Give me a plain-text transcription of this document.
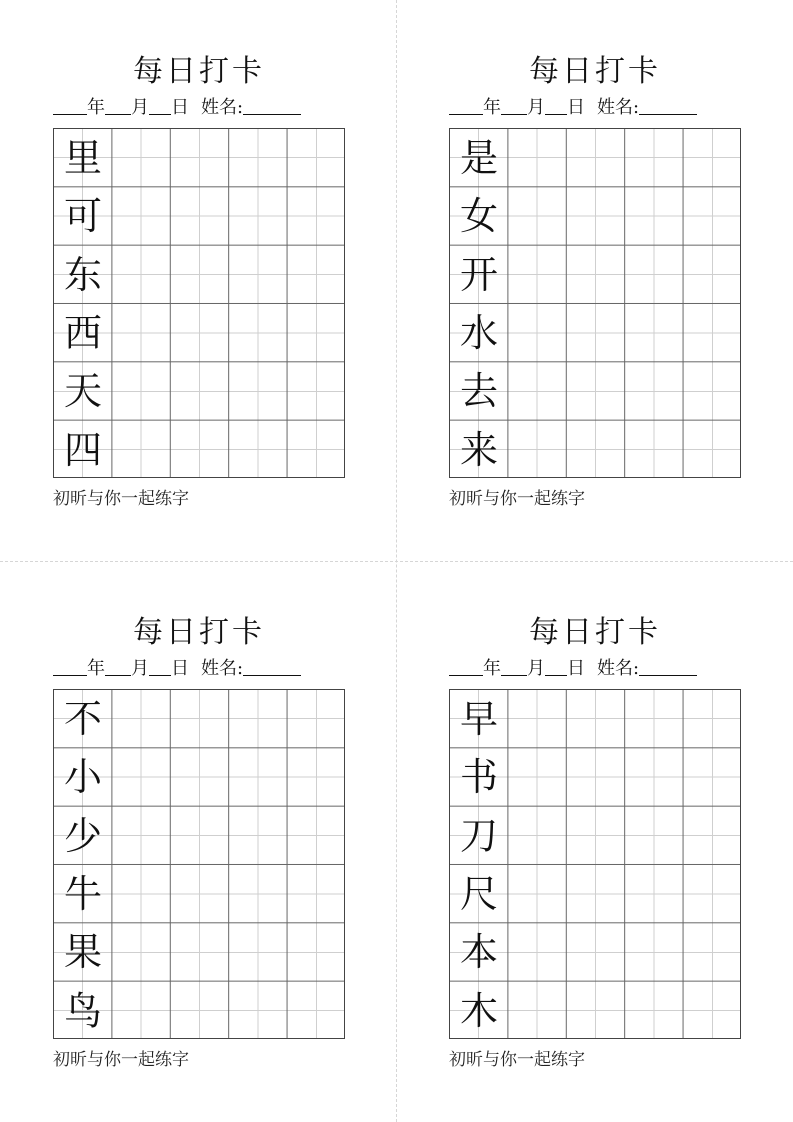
每日打卡
年 月 日 姓名:
里
可
东
西
天
四
初昕与你一起练字
每日打卡
年 月 日 姓名:
是
女
开
水
去
来
初昕与你一起练字
每日打卡
年 月 日 姓名:
不
小
少
牛
果
鸟
初昕与你一起练字
每日打卡
年 月 日 姓名:
早
书
刀
尺
本
木
初昕与你一起练字
